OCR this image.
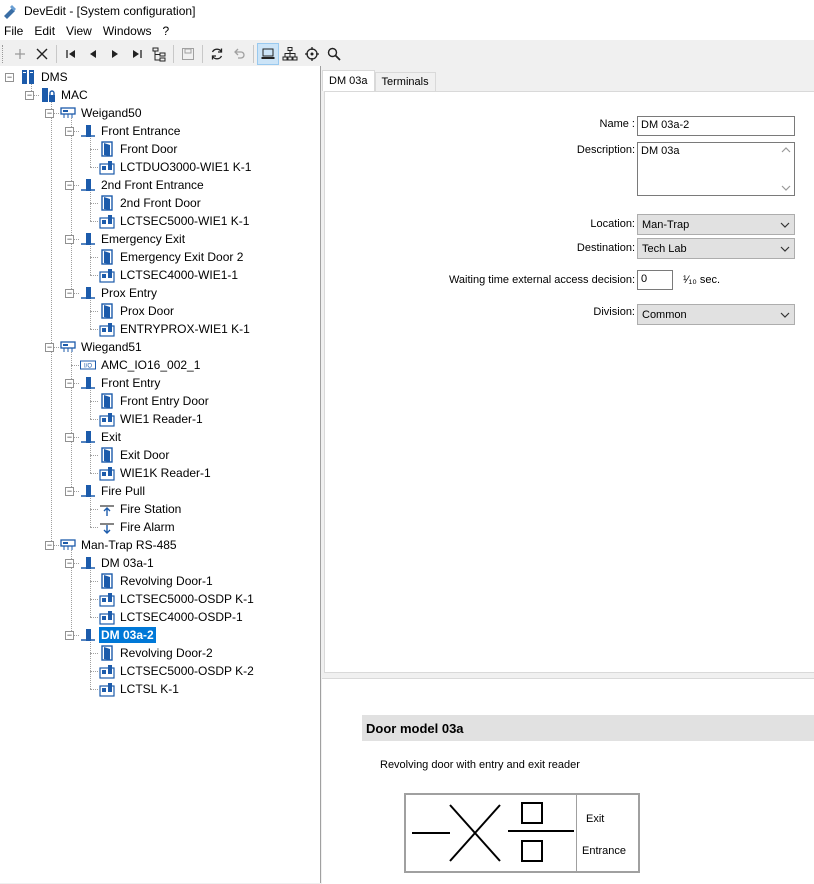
DevEdit - [System configuration]
File Edit View Windows ?
− DMS
− MAC
− Weigand50
− Front Entrance
Front Door
LCTDUO3000-WIE1 K-1
− 2nd Front Entrance
2nd Front Door
LCTSEC5000-WIE1 K-1
− Emergency Exit
Emergency Exit Door 2
LCTSEC4000-WIE1-1
− Prox Entry
Prox Door
ENTRYPROX-WIE1 K-1
− Wiegand51
I/O AMC_IO16_002_1
− Front Entry
Front Entry Door
WIE1 Reader-1
− Exit
Exit Door
WIE1K Reader-1
− Fire Pull
Fire Station
Fire Alarm
− Man-Trap RS-485
− DM 03a-1
Revolving Door-1
LCTSEC5000-OSDP K-1
LCTSEC4000-OSDP-1
− DM 03a-2
Revolving Door-2
LCTSEC5000-OSDP K-2
LCTSL K-1
DM 03a	Terminals
Name : DM 03a-2
Description: DM 03a
Location: Man-Trap
Destination: Tech Lab
Waiting time external access decision: 0	¹⁄₁₀ sec.
Division: Common
Door model 03a
Revolving door with entry and exit reader
Exit
Entrance
